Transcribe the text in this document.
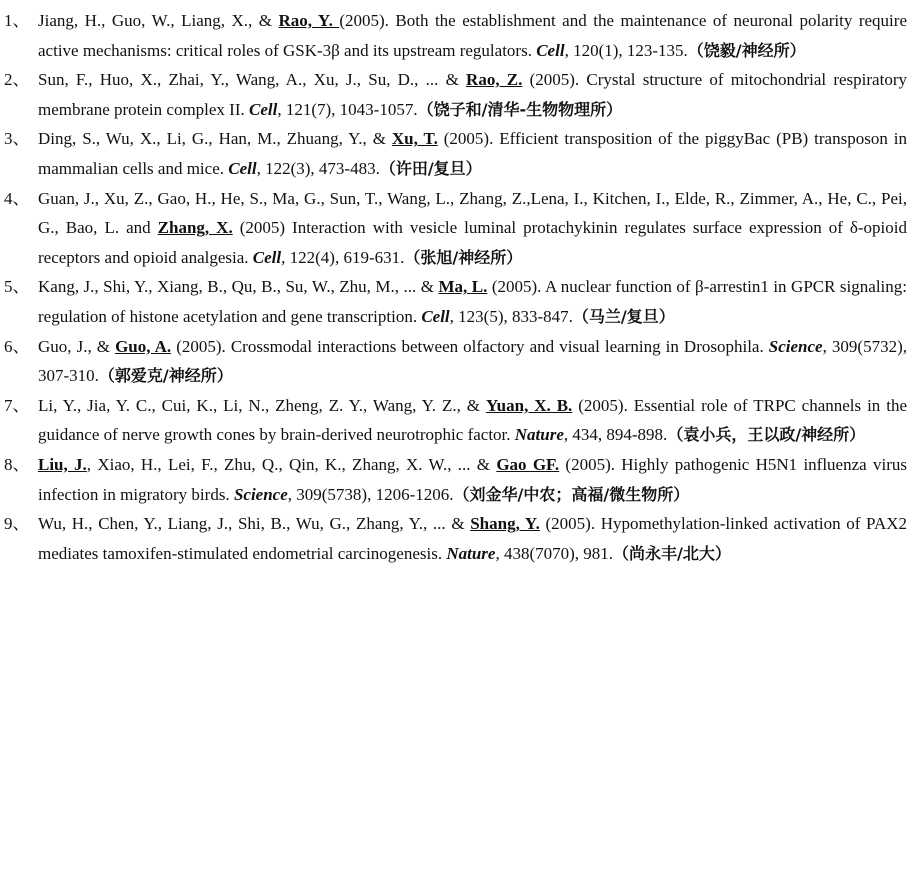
1、 Jiang, H., Guo, W., Liang, X., & Rao, Y. (2005). Both the establishment and the maintenance of neuronal polarity require active mechanisms: critical roles of GSK-3β and its upstream regulators. Cell, 120(1), 123-135.（饶毅/神经所）

2、 Sun, F., Huo, X., Zhai, Y., Wang, A., Xu, J., Su, D., ... & Rao, Z. (2005). Crystal structure of mitochondrial respiratory membrane protein complex II. Cell, 121(7), 1043-1057.（饶子和/清华-生物物理所）

3、 Ding, S., Wu, X., Li, G., Han, M., Zhuang, Y., & Xu, T. (2005). Efficient transposition of the piggyBac (PB) transposon in mammalian cells and mice. Cell, 122(3), 473-483.（许田/复旦）

4、 Guan, J., Xu, Z., Gao, H., He, S., Ma, G., Sun, T., Wang, L., Zhang, Z.,Lena, I., Kitchen, I., Elde, R., Zimmer, A., He, C., Pei, G., Bao, L. and Zhang, X. (2005) Interaction with vesicle luminal protachykinin regulates surface expression of δ-opioid receptors and opioid analgesia. Cell, 122(4), 619-631.（张旭/神经所）

5、 Kang, J., Shi, Y., Xiang, B., Qu, B., Su, W., Zhu, M., ... & Ma, L. (2005). A nuclear function of β-arrestin1 in GPCR signaling: regulation of histone acetylation and gene transcription. Cell, 123(5), 833-847.（马兰/复旦）

6、 Guo, J., & Guo, A. (2005). Crossmodal interactions between olfactory and visual learning in Drosophila. Science, 309(5732), 307-310.（郭爱克/神经所）

7、 Li, Y., Jia, Y. C., Cui, K., Li, N., Zheng, Z. Y., Wang, Y. Z., & Yuan, X. B. (2005). Essential role of TRPC channels in the guidance of nerve growth cones by brain-derived neurotrophic factor. Nature, 434, 894-898.（袁小兵，王以政/神经所）

8、 Liu, J., Xiao, H., Lei, F., Zhu, Q., Qin, K., Zhang, X. W., ... & Gao GF. (2005). Highly pathogenic H5N1 influenza virus infection in migratory birds. Science, 309(5738), 1206-1206.（刘金华/中农；高福/微生物所）

9、 Wu, H., Chen, Y., Liang, J., Shi, B., Wu, G., Zhang, Y., ... & Shang, Y. (2005). Hypomethylation-linked activation of PAX2 mediates tamoxifen-stimulated endometrial carcinogenesis. Nature, 438(7070), 981.（尚永丰/北大）
